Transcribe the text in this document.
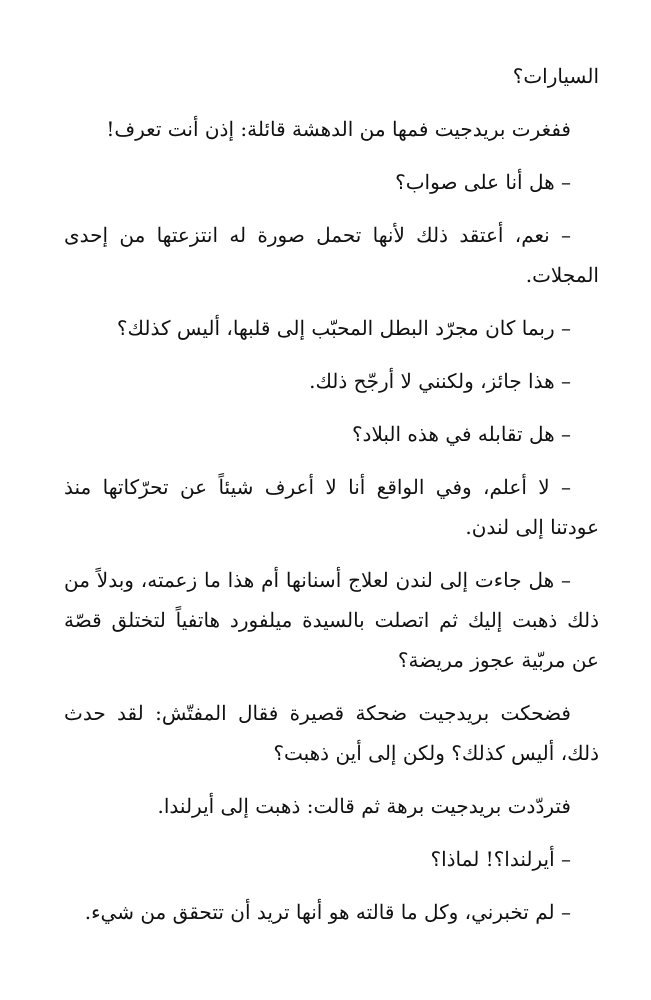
السيارات؟

ففغرت بريدجيت فمها من الدهشة قائلة: إذن أنت تعرف!

– هل أنا على صواب؟

– نعم، أعتقد ذلك لأنها تحمل صورة له انتزعتها من إحدى المجلات.

– ربما كان مجرّد البطل المحبّب إلى قلبها، أليس كذلك؟

– هذا جائز، ولكنني لا أرجّح ذلك.

– هل تقابله في هذه البلاد؟

– لا أعلم، وفي الواقع أنا لا أعرف شيئاً عن تحرّكاتها منذ عودتنا إلى لندن.

– هل جاءت إلى لندن لعلاج أسنانها أم هذا ما زعمته، وبدلاً من ذلك ذهبت إليك ثم اتصلت بالسيدة ميلفورد هاتفياً لتختلق قصّة عن مربّية عجوز مريضة؟

فضحكت بريدجيت ضحكة قصيرة فقال المفتّش: لقد حدث ذلك، أليس كذلك؟ ولكن إلى أين ذهبت؟

فتردّدت بريدجيت برهة ثم قالت: ذهبت إلى أيرلندا.

– أيرلندا؟! لماذا؟

– لم تخبرني، وكل ما قالته هو أنها تريد أن تتحقق من شيء.
